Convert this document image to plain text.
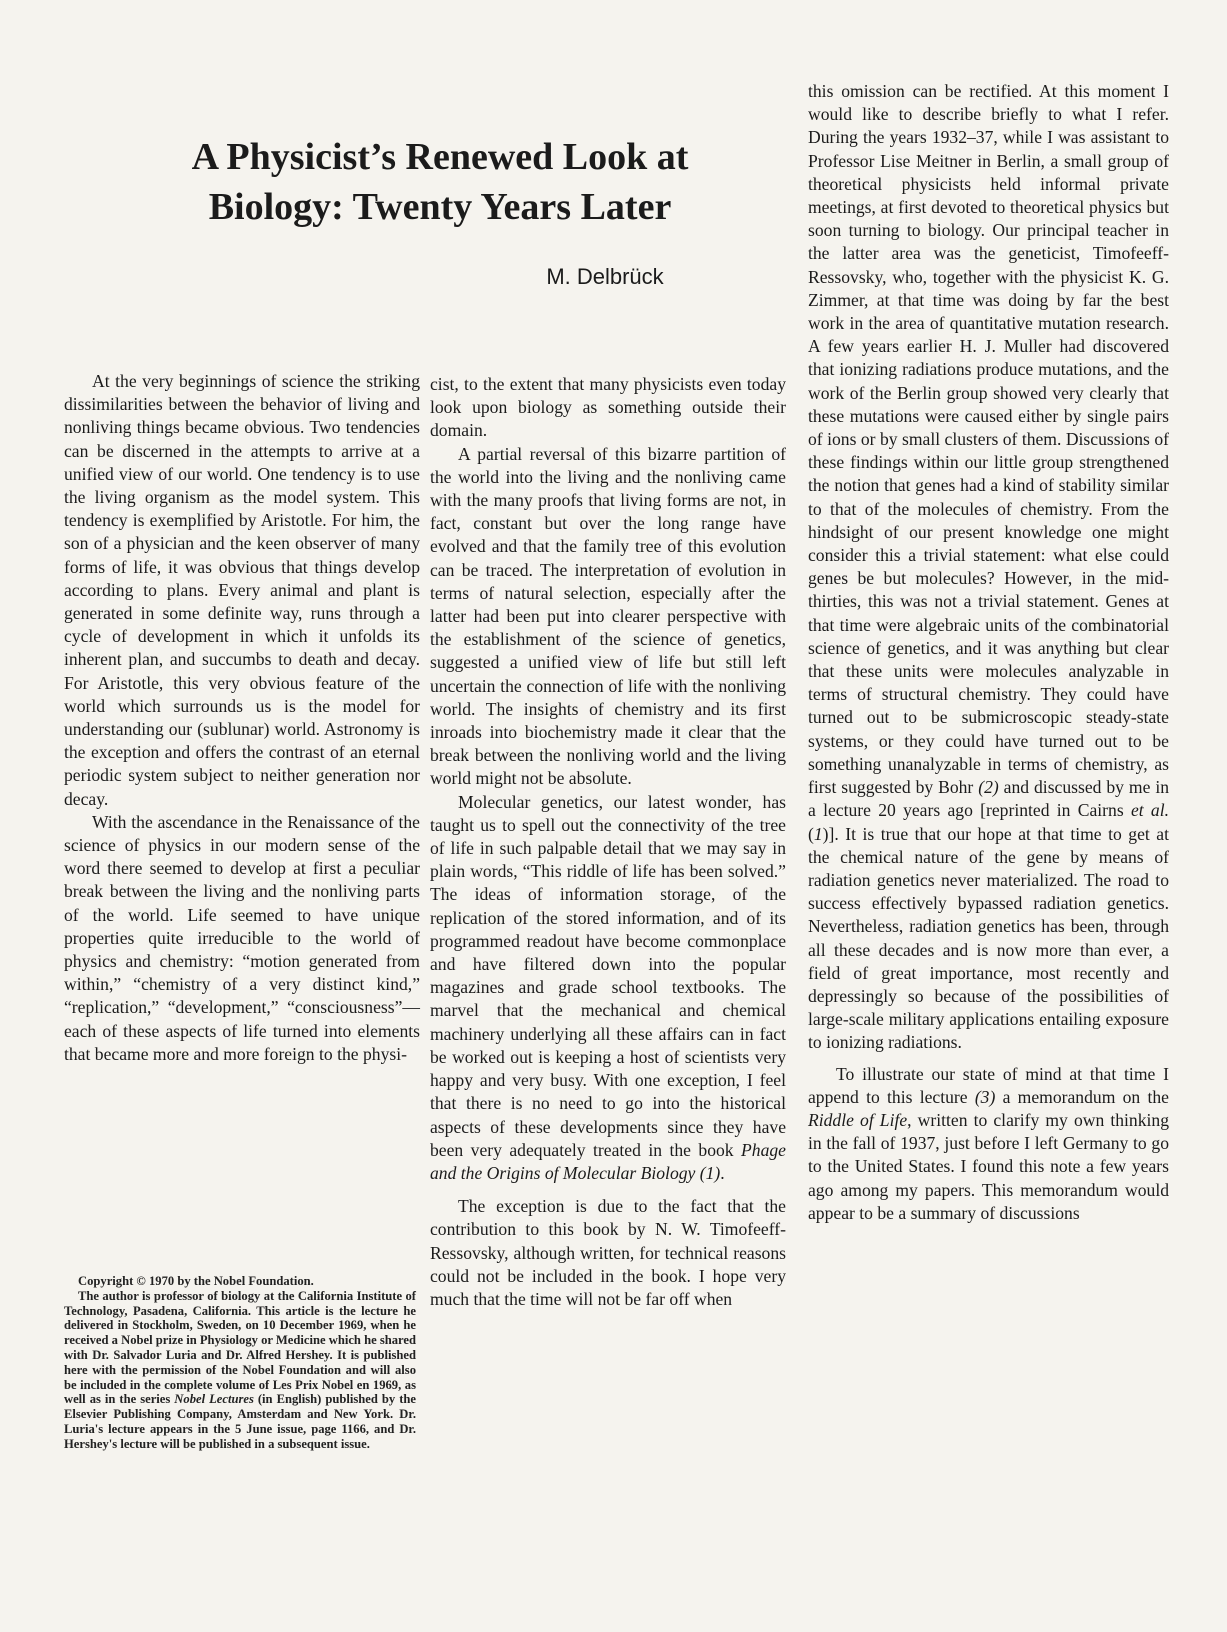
A Physicist’s Renewed Look at
Biology: Twenty Years Later
M. Delbrück

At the very beginnings of science the striking dissimilarities between the behavior of living and nonliving things became obvious. Two tendencies can be discerned in the attempts to arrive at a unified view of our world. One tendency is to use the living organism as the model system. This tendency is exemplified by Aristotle. For him, the son of a physician and the keen observer of many forms of life, it was obvious that things develop according to plans. Every animal and plant is generated in some definite way, runs through a cycle of development in which it unfolds its inherent plan, and succumbs to death and decay. For Aristotle, this very obvious feature of the world which surrounds us is the model for understanding our (sublunar) world. Astronomy is the exception and offers the contrast of an eternal periodic system subject to neither generation nor decay.

With the ascendance in the Renaissance of the science of physics in our modern sense of the word there seemed to develop at first a peculiar break between the living and the nonliving parts of the world. Life seemed to have unique properties quite irreducible to the world of physics and chemistry: “motion generated from within,” “chemistry of a very distinct kind,” “replication,” “development,” “consciousness”—each of these aspects of life turned into elements that became more and more foreign to the physi-

Copyright © 1970 by the Nobel Foundation.

The author is professor of biology at the California Institute of Technology, Pasadena, California. This article is the lecture he delivered in Stockholm, Sweden, on 10 December 1969, when he received a Nobel prize in Physiology or Medicine which he shared with Dr. Salvador Luria and Dr. Alfred Hershey. It is published here with the permission of the Nobel Foundation and will also be included in the complete volume of Les Prix Nobel en 1969, as well as in the series Nobel Lectures (in English) published by the Elsevier Publishing Company, Amsterdam and New York. Dr. Luria's lecture appears in the 5 June issue, page 1166, and Dr. Hershey's lecture will be published in a subsequent issue.

cist, to the extent that many physicists even today look upon biology as something outside their domain.

A partial reversal of this bizarre partition of the world into the living and the nonliving came with the many proofs that living forms are not, in fact, constant but over the long range have evolved and that the family tree of this evolution can be traced. The interpretation of evolution in terms of natural selection, especially after the latter had been put into clearer perspective with the establishment of the science of genetics, suggested a unified view of life but still left uncertain the connection of life with the nonliving world. The insights of chemistry and its first inroads into biochemistry made it clear that the break between the nonliving world and the living world might not be absolute.

Molecular genetics, our latest wonder, has taught us to spell out the connectivity of the tree of life in such palpable detail that we may say in plain words, “This riddle of life has been solved.” The ideas of information storage, of the replication of the stored information, and of its programmed readout have become commonplace and have filtered down into the popular magazines and grade school textbooks. The marvel that the mechanical and chemical machinery underlying all these affairs can in fact be worked out is keeping a host of scientists very happy and very busy. With one exception, I feel that there is no need to go into the historical aspects of these developments since they have been very adequately treated in the book Phage and the Origins of Molecular Biology (1).

The exception is due to the fact that the contribution to this book by N. W. Timofeeff-Ressovsky, although written, for technical reasons could not be included in the book. I hope very much that the time will not be far off when

this omission can be rectified. At this moment I would like to describe briefly to what I refer. During the years 1932–37, while I was assistant to Professor Lise Meitner in Berlin, a small group of theoretical physicists held informal private meetings, at first devoted to theoretical physics but soon turning to biology. Our principal teacher in the latter area was the geneticist, Timofeeff-Ressovsky, who, together with the physicist K. G. Zimmer, at that time was doing by far the best work in the area of quantitative mutation research. A few years earlier H. J. Muller had discovered that ionizing radiations produce mutations, and the work of the Berlin group showed very clearly that these mutations were caused either by single pairs of ions or by small clusters of them. Discussions of these findings within our little group strengthened the notion that genes had a kind of stability similar to that of the molecules of chemistry. From the hindsight of our present knowledge one might consider this a trivial statement: what else could genes be but molecules? However, in the mid-thirties, this was not a trivial statement. Genes at that time were algebraic units of the combinatorial science of genetics, and it was anything but clear that these units were molecules analyzable in terms of structural chemistry. They could have turned out to be submicroscopic steady-state systems, or they could have turned out to be something unanalyzable in terms of chemistry, as first suggested by Bohr (2) and discussed by me in a lecture 20 years ago [reprinted in Cairns et al. (1)]. It is true that our hope at that time to get at the chemical nature of the gene by means of radiation genetics never materialized. The road to success effectively bypassed radiation genetics. Nevertheless, radiation genetics has been, through all these decades and is now more than ever, a field of great importance, most recently and depressingly so because of the possibilities of large-scale military applications entailing exposure to ionizing radiations.

To illustrate our state of mind at that time I append to this lecture (3) a memorandum on the Riddle of Life, written to clarify my own thinking in the fall of 1937, just before I left Germany to go to the United States. I found this note a few years ago among my papers. This memorandum would appear to be a summary of discussions
